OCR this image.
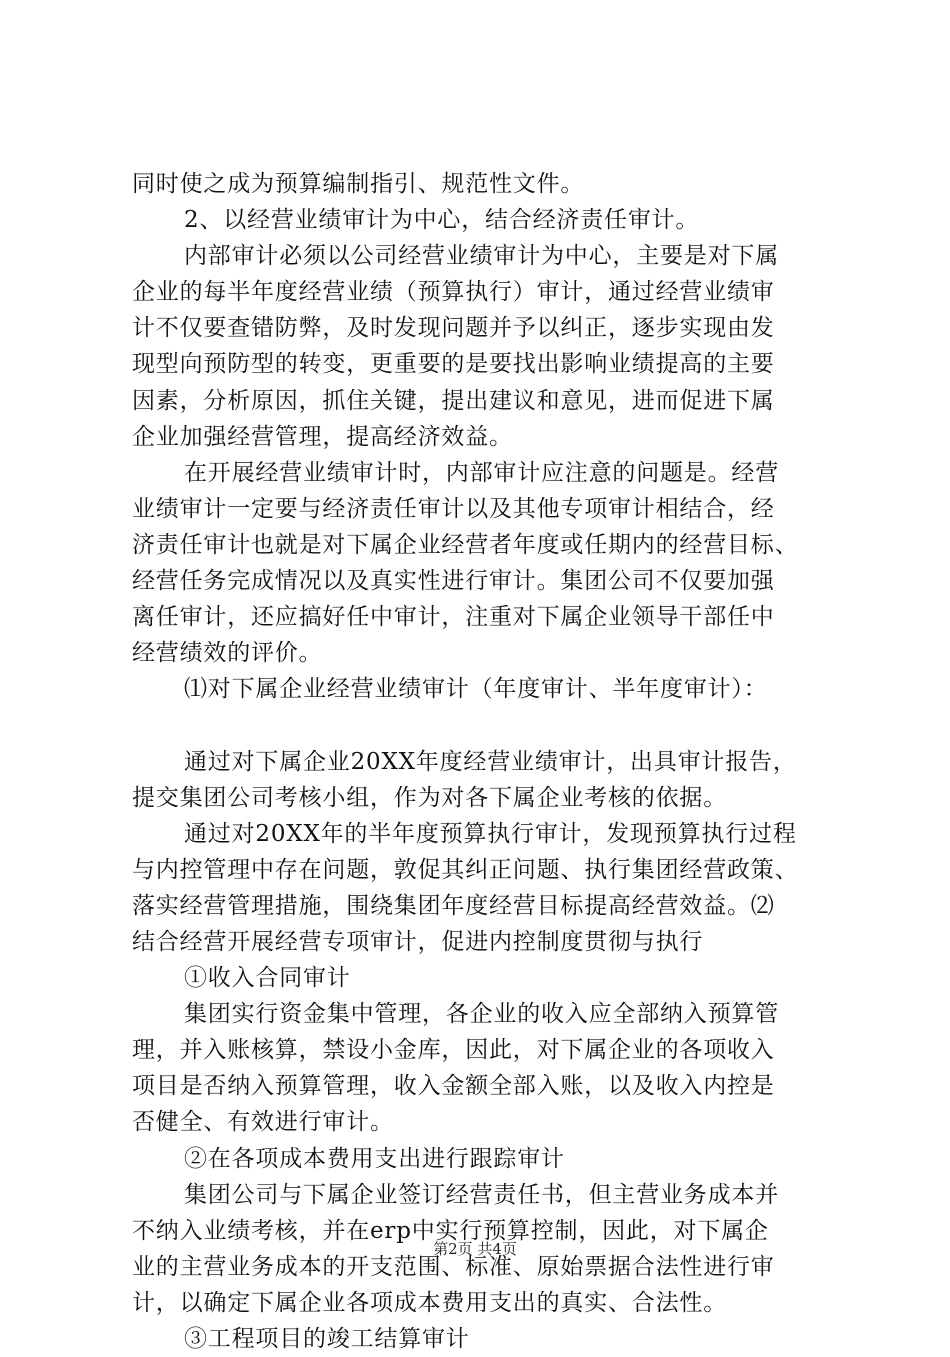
同时使之成为预算编制指引、规范性文件。
2、以经营业绩审计为中心，结合经济责任审计。
内部审计必须以公司经营业绩审计为中心，主要是对下属
企业的每半年度经营业绩（预算执行）审计，通过经营业绩审
计不仅要查错防弊，及时发现问题并予以纠正，逐步实现由发
现型向预防型的转变，更重要的是要找出影响业绩提高的主要
因素，分析原因，抓住关键，提出建议和意见，进而促进下属
企业加强经营管理，提高经济效益。
在开展经营业绩审计时，内部审计应注意的问题是。经营
业绩审计一定要与经济责任审计以及其他专项审计相结合，经
济责任审计也就是对下属企业经营者年度或任期内的经营目标、
经营任务完成情况以及真实性进行审计。集团公司不仅要加强
离任审计，还应搞好任中审计，注重对下属企业领导干部任中
经营绩效的评价。
⑴对下属企业经营业绩审计（年度审计、半年度审计）：
通过对下属企业20XX年度经营业绩审计，出具审计报告，
提交集团公司考核小组，作为对各下属企业考核的依据。
通过对20XX年的半年度预算执行审计，发现预算执行过程
与内控管理中存在问题，敦促其纠正问题、执行集团经营政策、
落实经营管理措施，围绕集团年度经营目标提高经营效益。⑵
结合经营开展经营专项审计，促进内控制度贯彻与执行
①收入合同审计
集团实行资金集中管理，各企业的收入应全部纳入预算管
理，并入账核算，禁设小金库，因此，对下属企业的各项收入
项目是否纳入预算管理，收入金额全部入账，以及收入内控是
否健全、有效进行审计。
②在各项成本费用支出进行跟踪审计
集团公司与下属企业签订经营责任书，但主营业务成本并
不纳入业绩考核，并在erp中实行预算控制，因此，对下属企
业的主营业务成本的开支范围、标准、原始票据合法性进行审
计，以确定下属企业各项成本费用支出的真实、合法性。
③工程项目的竣工结算审计
第2页 共4页
